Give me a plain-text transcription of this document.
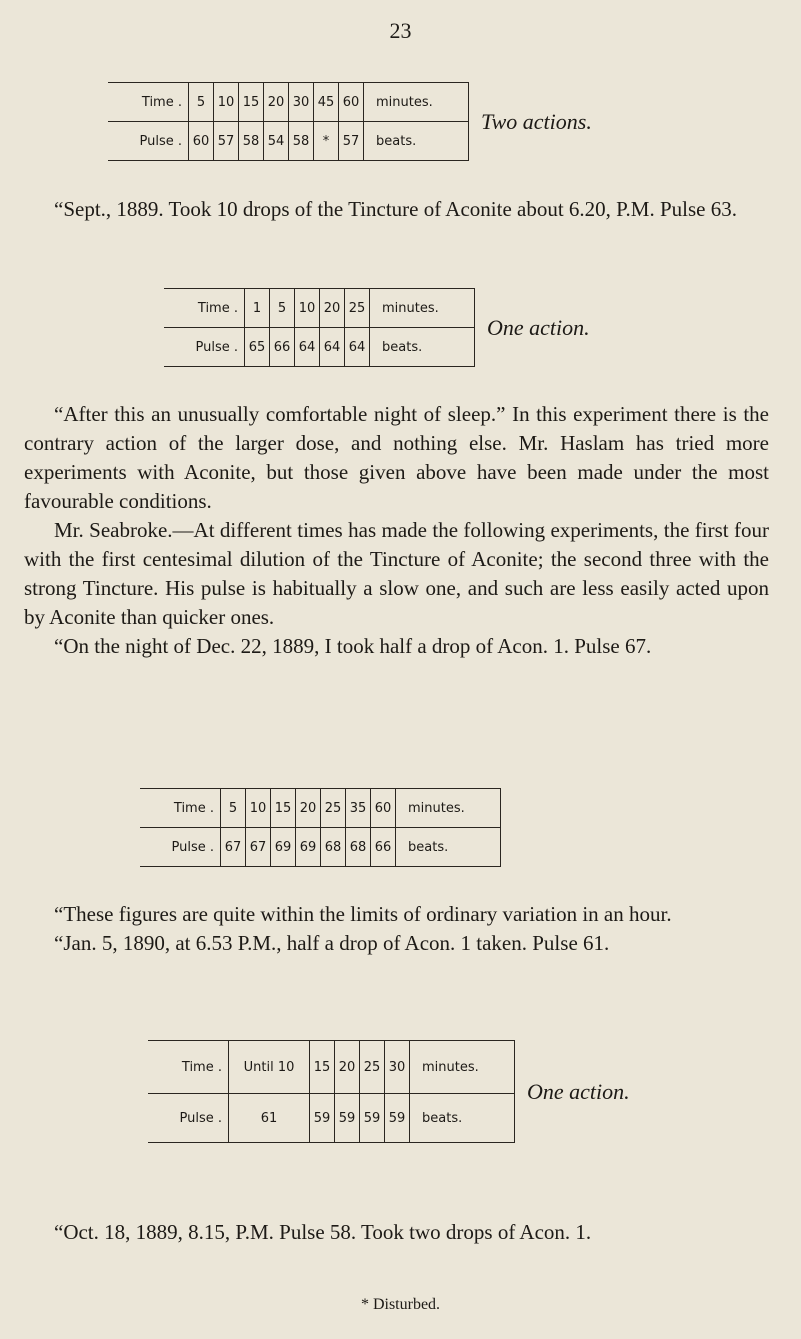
23
Time .	5	10	15	20	30	45	60	minutes.
Pulse .	60	57	58	54	58	*	57	beats.
Two actions.

“Sept., 1889. Took 10 drops of the Tincture of Aconite about 6.20, P.M. Pulse 63.

Time .	1	5	10	20	25	minutes.
Pulse .	65	66	64	64	64	beats.
One action.

“After this an unusually comfortable night of sleep.” In this experiment there is the contrary action of the larger dose, and nothing else. Mr. Haslam has tried more experiments with Aconite, but those given above have been made under the most favourable conditions.

Mr. Seabroke.—At different times has made the following experiments, the first four with the first centesimal dilution of the Tincture of Aconite; the second three with the strong Tincture. His pulse is habitually a slow one, and such are less easily acted upon by Aconite than quicker ones.

“On the night of Dec. 22, 1889, I took half a drop of Acon. 1. Pulse 67.

Time .	5	10	15	20	25	35	60	minutes.
Pulse .	67	67	69	69	68	68	66	beats.

“These figures are quite within the limits of ordinary variation in an hour.

“Jan. 5, 1890, at 6.53 P.M., half a drop of Acon. 1 taken. Pulse 61.

Time .	Until 10	15	20	25	30	minutes.
Pulse .	61	59	59	59	59	beats.
One action.

“Oct. 18, 1889, 8.15, P.M. Pulse 58. Took two drops of Acon. 1.

* Disturbed.
